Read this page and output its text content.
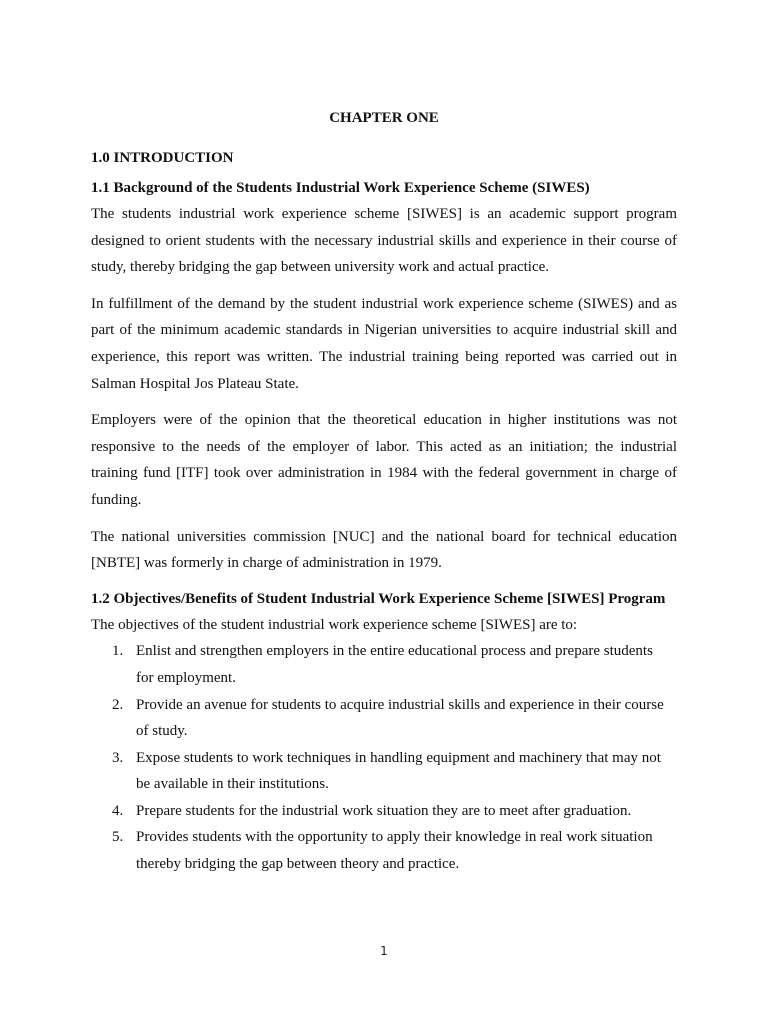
CHAPTER ONE
1.0 INTRODUCTION
1.1 Background of the Students Industrial Work Experience Scheme (SIWES)

The students industrial work experience scheme [SIWES] is an academic support program designed to orient students with the necessary industrial skills and experience in their course of study, thereby bridging the gap between university work and actual practice.

In fulfillment of the demand by the student industrial work experience scheme (SIWES) and as part of the minimum academic standards in Nigerian universities to acquire industrial skill and experience, this report was written. The industrial training being reported was carried out in Salman Hospital Jos Plateau State.

Employers were of the opinion that the theoretical education in higher institutions was not responsive to the needs of the employer of labor. This acted as an initiation; the industrial training fund [ITF] took over administration in 1984 with the federal government in charge of funding.

The national universities commission [NUC] and the national board for technical education [NBTE] was formerly in charge of administration in 1979.

1.2 Objectives/Benefits of Student Industrial Work Experience Scheme [SIWES] Program

The objectives of the student industrial work experience scheme [SIWES] are to:

1. Enlist and strengthen employers in the entire educational process and prepare students for employment.
2. Provide an avenue for students to acquire industrial skills and experience in their course of study.
3. Expose students to work techniques in handling equipment and machinery that may not be available in their institutions.
4. Prepare students for the industrial work situation they are to meet after graduation.
5. Provides students with the opportunity to apply their knowledge in real work situation thereby bridging the gap between theory and practice.
1
